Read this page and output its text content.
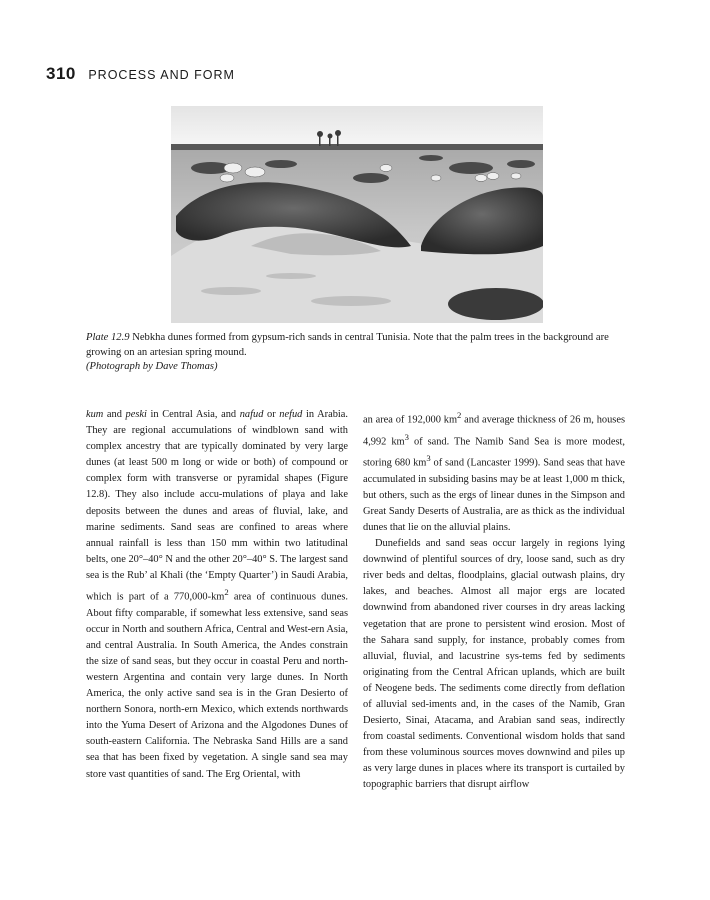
310 PROCESS AND FORM
Plate 12.9 Nebkha dunes formed from gypsum-rich sands in central Tunisia. Note that the palm trees in the background are growing on an artesian spring mound.
(Photograph by Dave Thomas)

kum and peski in Central Asia, and nafud or nefud in Arabia. They are regional accumulations of windblown sand with complex ancestry that are typically dominated by very large dunes (at least 500 m long or wide or both) of compound or complex form with transverse or pyramidal shapes (Figure 12.8). They also include accu-mulations of playa and lake deposits between the dunes and areas of fluvial, lake, and marine sediments. Sand seas are confined to areas where annual rainfall is less than 150 mm within two latitudinal belts, one 20°–40° N and the other 20°–40° S. The largest sand sea is the Rub’ al Khali (the ‘Empty Quarter’) in Saudi Arabia, which is part of a $770,000-km^2$ area of continuous dunes. About fifty comparable, if somewhat less extensive, sand seas occur in North and southern Africa, Central and West-ern Asia, and central Australia. In South America, the Andes constrain the size of sand seas, but they occur in coastal Peru and north-western Argentina and contain very large dunes. In North America, the only active sand sea is in the Gran Desierto of northern Sonora, north-ern Mexico, which extends northwards into the Yuma Desert of Arizona and the Algodones Dunes of south-eastern California. The Nebraska Sand Hills are a sand sea that has been fixed by vegetation. A single sand sea may store vast quantities of sand. The Erg Oriental, with

an area of 192,000 $km^2$ and average thickness of 26 m, houses 4,992 $km^3$ of sand. The Namib Sand Sea is more modest, storing 680 $km^3$ of sand (Lancaster 1999). Sand seas that have accumulated in subsiding basins may be at least 1,000 m thick, but others, such as the ergs of linear dunes in the Simpson and Great Sandy Deserts of Australia, are as thick as the individual dunes that lie on the alluvial plains.

Dunefields and sand seas occur largely in regions lying downwind of plentiful sources of dry, loose sand, such as dry river beds and deltas, floodplains, glacial outwash plains, dry lakes, and beaches. Almost all major ergs are located downwind from abandoned river courses in dry areas lacking vegetation that are prone to persistent wind erosion. Most of the Sahara sand supply, for instance, probably comes from alluvial, fluvial, and lacustrine sys-tems fed by sediments originating from the Central African uplands, which are built of Neogene beds. The sediments come directly from deflation of alluvial sed-iments and, in the cases of the Namib, Gran Desierto, Sinai, Atacama, and Arabian sand seas, indirectly from coastal sediments. Conventional wisdom holds that sand from these voluminous sources moves downwind and piles up as very large dunes in places where its transport is curtailed by topographic barriers that disrupt airflow
